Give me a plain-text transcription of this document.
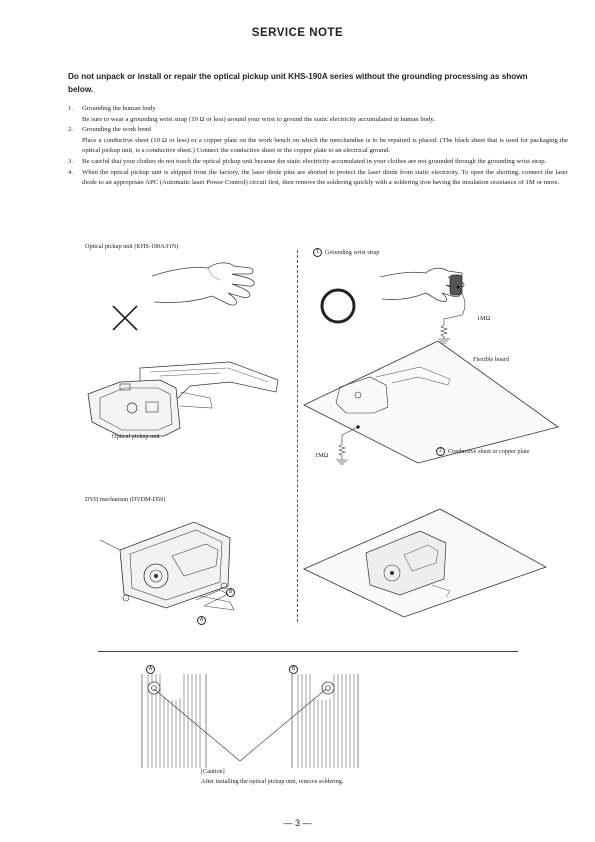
SERVICE NOTE
Do not unpack or install or repair the optical pickup unit KHS-190A series without the grounding processing as shown below.
1. Grounding the human body
Be sure to wear a grounding wrist strap (10 Ω or less) around your wrist to ground the static electricity accumulated in human body.
2. Grounding the work bend
Place a conductive sheet (10 Ω or less) or a copper plate on the work bench on which the merchandise is to be repaired is placed. (The black sheet that is used for packaging the optical pickup unit, is a conductive sheet.) Connect the conductive sheet or the copper plate to an electrical ground.
3. Be careful that your clothes do not touch the optical pickup unit because the static electricity accumulated in your clothes are not grounded through the grounding wrist strap.
4. When the optical pickup unit is shipped from the factory, the laser diode pins are shorted to protect the laser diode from static electricity. To open the shorting, connect the laser diode to an appropriate APC (Automatic laser Power Control) circuit first, then remove the soldering quickly with a soldering iron having the insulation resistance of 1M or more.
Optical pickup unit (KHS-190A/J1N)
Optical pickup unit
1 Grounding wrist strap
1MΩ
Flexible board
1MΩ
2 Conductive sheet or copper plate
DVD mechanism (DVDM-D50)
B
A
A	B
[Caution]
After installing the optical pickup unit, remove soldering.
— 3 —
